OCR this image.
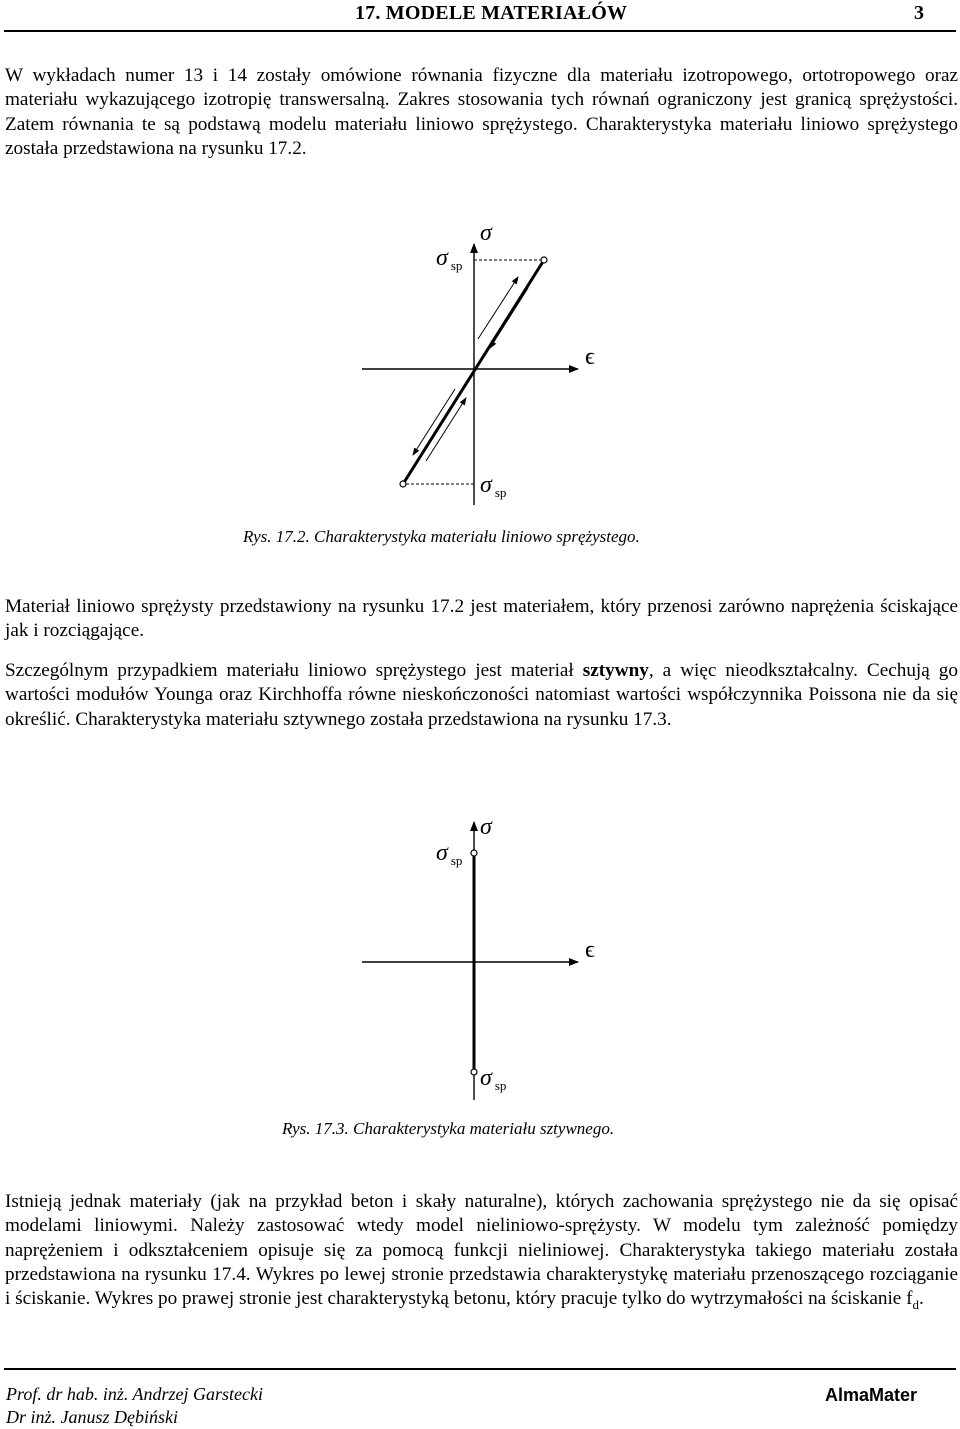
17. MODELE MATERIAŁÓW	3

W wykładach numer 13 i 14 zostały omówione równania fizyczne dla materiału izotropowego, ortotropowego oraz materiału wykazującego izotropię transwersalną. Zakres stosowania tych równań ograniczony jest granicą sprężystości. Zatem równania te są podstawą modelu materiału liniowo sprężystego. Charakterystyka materiału liniowo sprężystego została przedstawiona na rysunku 17.2.

σ
ϵ
σ $_{sp}$
σ $_{sp}$
Rys. 17.2. Charakterystyka materiału liniowo sprężystego.

Materiał liniowo sprężysty przedstawiony na rysunku 17.2 jest materiałem, który przenosi zarówno naprężenia ściskające jak i rozciągające.

Szczególnym przypadkiem materiału liniowo sprężystego jest materiał sztywny, a więc nieodkształcalny. Cechują go wartości modułów Younga oraz Kirchhoffa równe nieskończoności natomiast wartości współczynnika Poissona nie da się określić. Charakterystyka materiału sztywnego została przedstawiona na rysunku 17.3.

σ
ϵ
σ $_{sp}$
σ $_{sp}$
Rys. 17.3. Charakterystyka materiału sztywnego.

Istnieją jednak materiały (jak na przykład beton i skały naturalne), których zachowania sprężystego nie da się opisać modelami liniowymi. Należy zastosować wtedy model nieliniowo-sprężysty. W modelu tym zależność pomiędzy naprężeniem i odkształceniem opisuje się za pomocą funkcji nieliniowej. Charakterystyka takiego materiału została przedstawiona na rysunku 17.4. Wykres po lewej stronie przedstawia charakterystykę materiału przenoszącego rozciąganie i ściskanie. Wykres po prawej stronie jest charakterystyką betonu, który pracuje tylko do wytrzymałości na ściskanie $f_d$.

Prof. dr hab. inż. Andrzej Garstecki
Dr inż. Janusz Dębiński
AlmaMater
